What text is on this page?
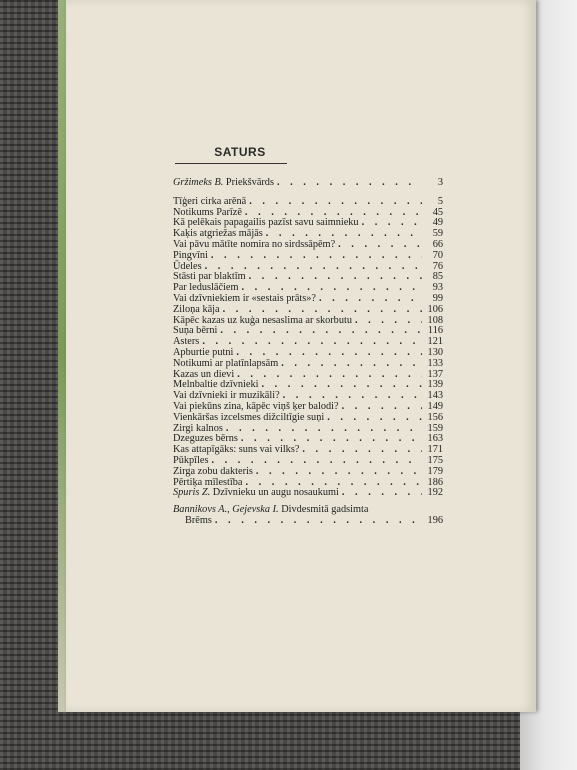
SATURS
Gržimeks B. Priekšvārds . . .	3
Tīģeri cirka arēnā . . .	5
Notikums Parīzē . . .	45
Kā pelēkais papagailis pazīst savu saimnieku . . .	49
Kaķis atgriežas mājās . . .	59
Vai pāvu mātīte nomira no sirdssāpēm? . . .	66
Pingvīni . . .	70
Ūdeles . . .	76
Stāsti par blaktīm . . .	85
Par leduslāčiem . . .	93
Vai dzīvniekiem ir «sestais prāts»? . . .	99
Ziloņa kāja . . .	106
Kāpēc kazas uz kuģa nesaslima ar skorbutu . . .	108
Suņa bērni . . .	116
Asters . . .	121
Apburtie putni . . .	130
Notikumi ar platīnlapsām . . .	133
Kazas un dievi . . .	137
Melnbaltie dzīvnieki . . .	139
Vai dzīvnieki ir muzikāli? . . .	143
Vai piekūns zina, kāpēc viņš ķer balodi? . . .	149
Vienkāršas izcelsmes dižciltīgie suņi . . .	156
Zirgi kalnos . . .	159
Dzeguzes bērns . . .	163
Kas attapīgāks: suns vai vilks? . . .	171
Pūkpīles . . .	175
Zirga zobu dakteris . . .	179
Pērtiķa mīlestība . . .	186
Spuris Z. Dzīvnieku un augu nosaukumi . . .	192
Bannikovs A., Gejevska I. Divdesmitā gadsimta
Brēms . . .	196
